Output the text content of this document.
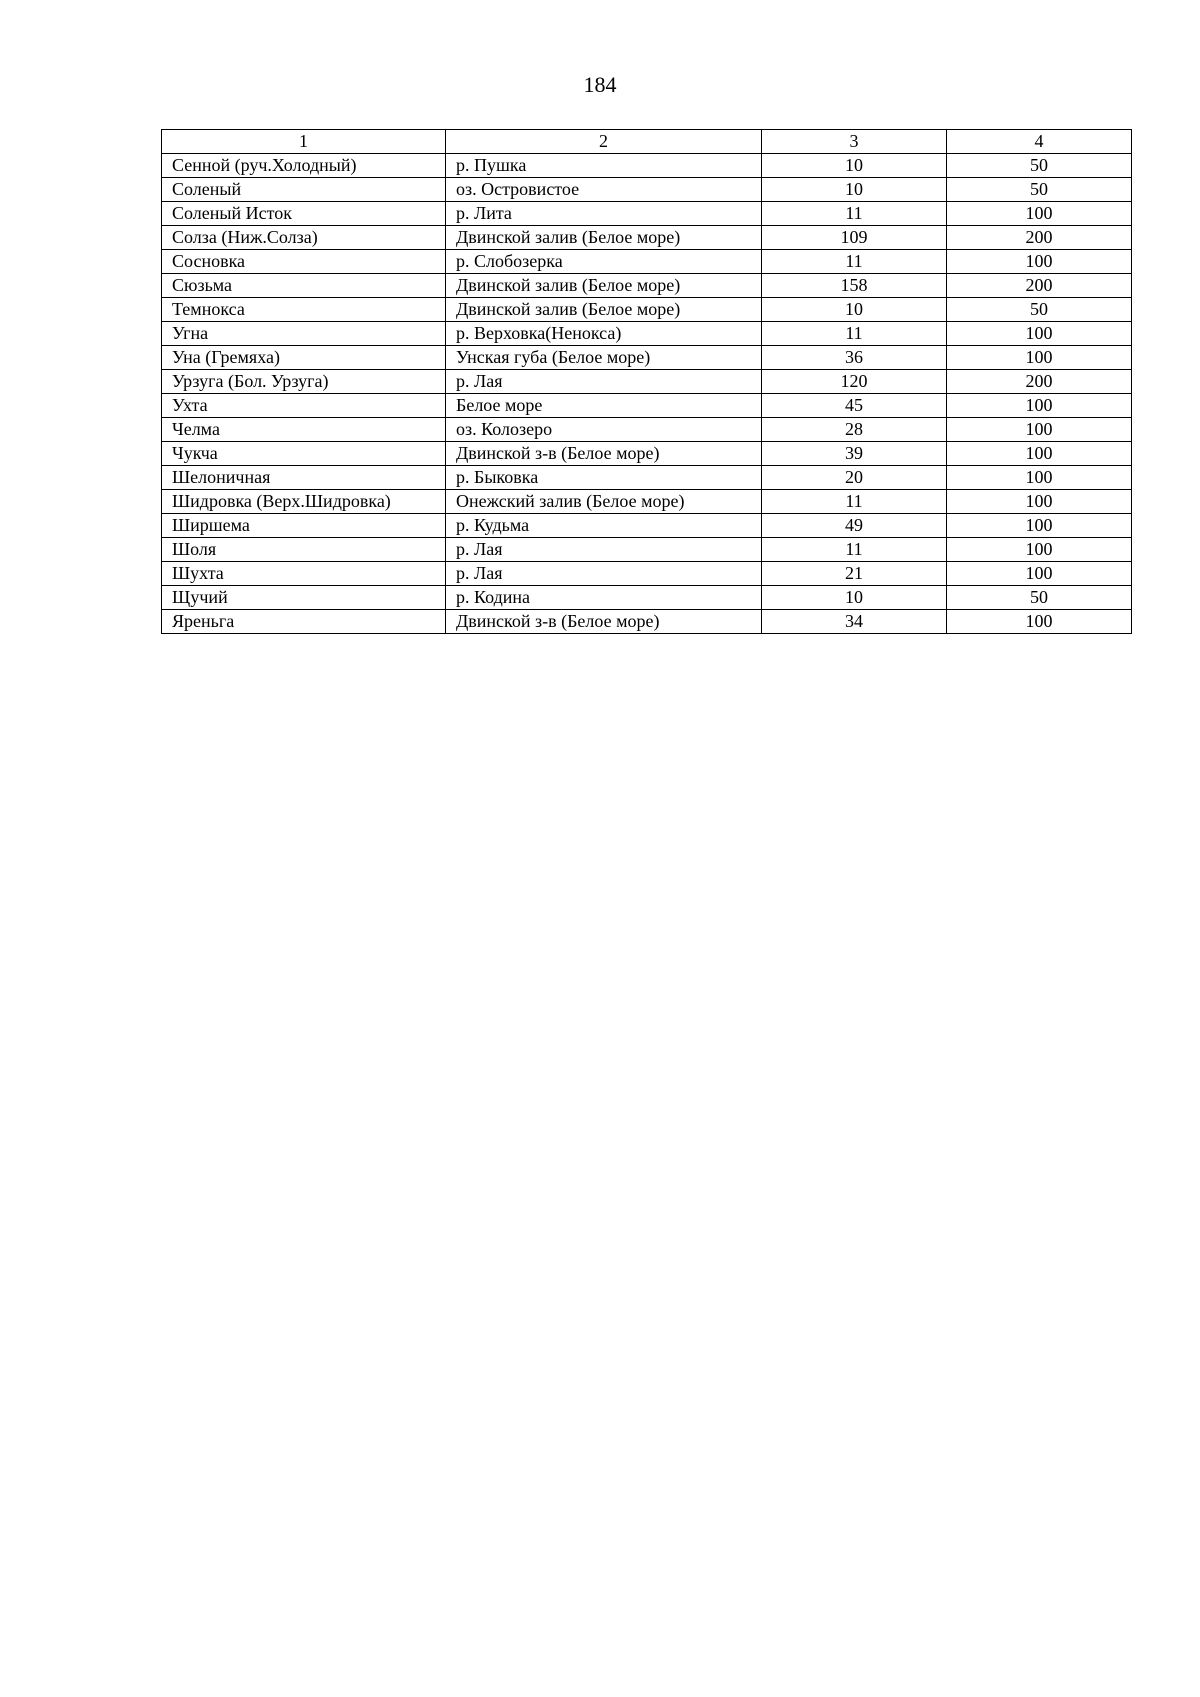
184
1	2	3	4
Сенной (руч.Холодный)	р. Пушка	10	50
Соленый	оз. Островистое	10	50
Соленый Исток	р. Лита	11	100
Солза (Ниж.Солза)	Двинской залив (Белое море)	109	200
Сосновка	р. Слобозерка	11	100
Сюзьма	Двинской залив (Белое море)	158	200
Темнокса	Двинской залив (Белое море)	10	50
Угна	р. Верховка(Ненокса)	11	100
Уна (Гремяха)	Унская губа (Белое море)	36	100
Урзуга (Бол. Урзуга)	р. Лая	120	200
Ухта	Белое море	45	100
Челма	оз. Колозеро	28	100
Чукча	Двинской з-в (Белое море)	39	100
Шелоничная	р. Быковка	20	100
Шидровка (Верх.Шидровка)	Онежский залив (Белое море)	11	100
Ширшема	р. Кудьма	49	100
Шоля	р. Лая	11	100
Шухта	р. Лая	21	100
Щучий	р. Кодина	10	50
Яреньга	Двинской з-в (Белое море)	34	100
